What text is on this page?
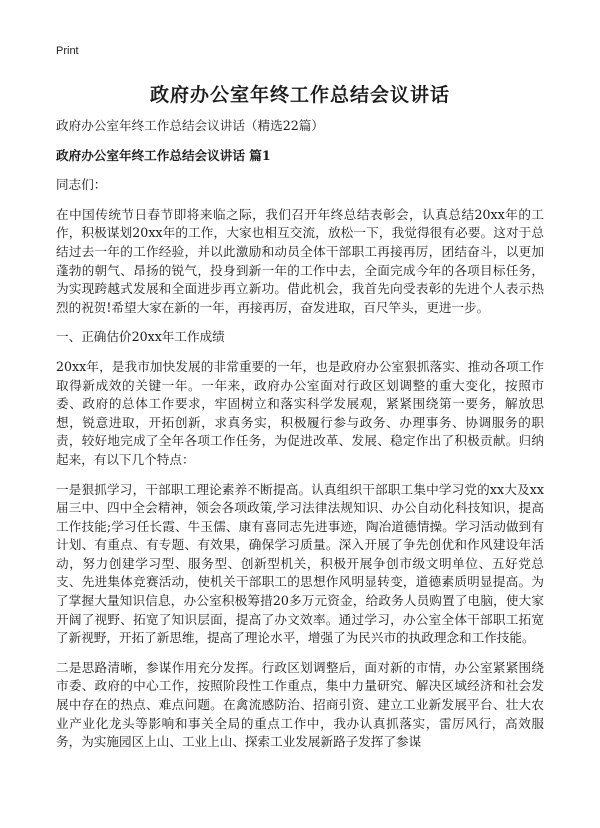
Print
政府办公室年终工作总结会议讲话

政府办公室年终工作总结会议讲话（精选22篇）

政府办公室年终工作总结会议讲话 篇1

同志们：

在中国传统节日春节即将来临之际，我们召开年终总结表彰会，认真总结20xx年的工作，积极谋划20xx年的工作，大家也相互交流，放松一下，我觉得很有必要。这对于总结过去一年的工作经验，并以此激励和动员全体干部职工再接再厉，团结奋斗，以更加蓬勃的朝气、昂扬的锐气，投身到新一年的工作中去，全面完成今年的各项目标任务，为实现跨越式发展和全面进步再立新功。借此机会，我首先向受表彰的先进个人表示热烈的祝贺!希望大家在新的一年，再接再厉，奋发进取，百尺竿头，更进一步。

一、正确估价20xx年工作成绩

20xx年，是我市加快发展的非常重要的一年，也是政府办公室狠抓落实、推动各项工作取得新成效的关键一年。一年来，政府办公室面对行政区划调整的重大变化，按照市委、政府的总体工作要求，牢固树立和落实科学发展观，紧紧围绕第一要务，解放思想，锐意进取，开拓创新，求真务实，积极履行参与政务、办理事务、协调服务的职责，较好地完成了全年各项工作任务，为促进改革、发展、稳定作出了积极贡献。归纳起来，有以下几个特点：

一是狠抓学习，干部职工理论素养不断提高。认真组织干部职工集中学习党的xx大及xx届三中、四中全会精神，领会各项政策,学习法律法规知识、办公自动化科技知识，提高工作技能;学习任长霞、牛玉儒、康有喜同志先进事迹，陶冶道德情操。学习活动做到有计划、有重点、有专题、有效果，确保学习质量。深入开展了争先创优和作风建设年活动，努力创建学习型、服务型、创新型机关，积极开展争创市级文明单位、五好党总支、先进集体竞赛活动，使机关干部职工的思想作风明显转变，道德素质明显提高。为了掌握大量知识信息，办公室积极筹措20多万元资金，给政务人员购置了电脑，使大家开阔了视野、拓宽了知识层面，提高了办文效率。通过学习，办公室全体干部职工拓宽了新视野，开拓了新思维，提高了理论水平，增强了为民兴市的执政理念和工作技能。

二是思路清晰，参谋作用充分发挥。行政区划调整后，面对新的市情，办公室紧紧围绕市委、政府的中心工作，按照阶段性工作重点，集中力量研究、解决区域经济和社会发展中存在的热点、难点问题。在禽流感防治、招商引资、建立工业新发展平台、壮大农业产业化龙头等影响和事关全局的重点工作中，我办认真抓落实，雷厉风行，高效服务，为实施园区上山、工业上山、探索工业发展新路子发挥了参谋
